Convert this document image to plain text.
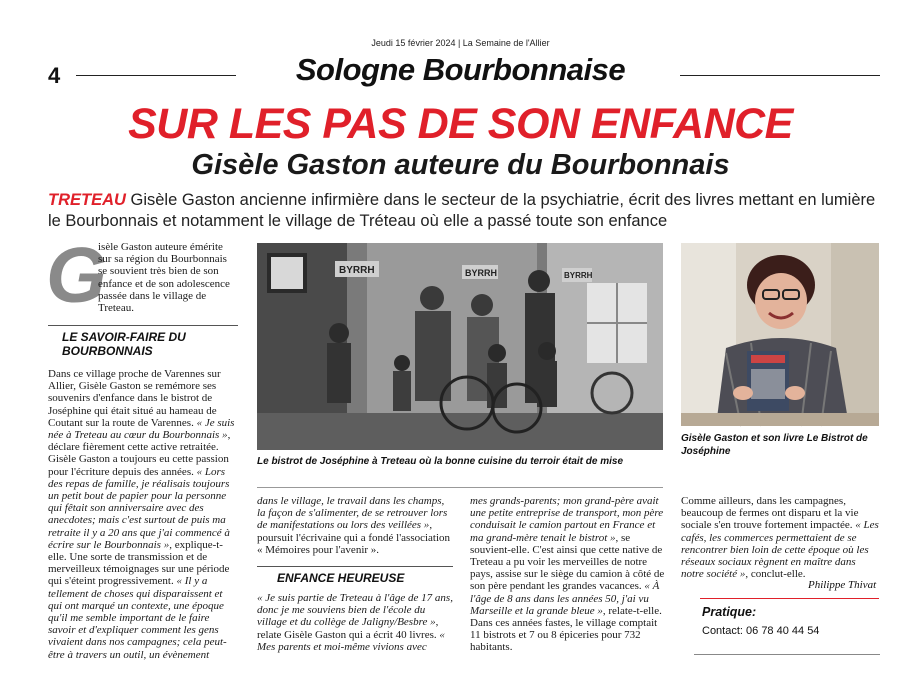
Jeudi 15 février 2024 | La Semaine de l'Allier
4	Sologne Bourbonnaise
SUR LES PAS DE SON ENFANCE
Gisèle Gaston auteure du Bourbonnais
TRETEAU Gisèle Gaston ancienne infirmière dans le secteur de la psychiatrie, écrit des livres mettant en lumière le Bourbonnais et notamment le village de Tréteau où elle a passé toute son enfance
G
isèle Gaston auteure émérite sur sa région du Bourbonnais se souvient très bien de son enfance et de son adolescence passée dans le village de Treteau.
LE SAVOIR-FAIRE DU BOURBONNAIS
Dans ce village proche de Varennes sur Allier, Gisèle Gaston se remémore ses souvenirs d'enfance dans le bistrot de Joséphine qui était situé au hameau de Coutant sur la route de Varennes. « Je suis née à Treteau au cœur du Bourbonnais », déclare fièrement cette active retraitée. Gisèle Gaston a toujours eu cette passion pour l'écriture depuis des années. « Lors des repas de famille, je réalisais toujours un petit bout de papier pour la personne qui fêtait son anniversaire avec des anecdotes; mais c'est surtout de puis ma retraite il y a 20 ans que j'ai commencé à écrire sur le Bourbonnais », explique-t-elle. Une sorte de transmission et de merveilleux témoignages sur une période qui s'éteint progressivement. « Il y a tellement de choses qui disparaissent et qui ont marqué un contexte, une époque qu'il me semble important de le faire savoir et d'expliquer comment les gens vivaient dans nos campagnes; cela peut-être à travers un outil, un évènement
BYRRH	BYRRH	BYRRH
Le bistrot de Joséphine à Treteau où la bonne cuisine du terroir était de mise
Gisèle Gaston et son livre Le Bistrot de Joséphine
dans le village, le travail dans les champs, la façon de s'alimenter, de se retrouver lors de manifestations ou lors des veillées », poursuit l'écrivaine qui a fondé l'association « Mémoires pour l'avenir ».
ENFANCE HEUREUSE
« Je suis partie de Treteau à l'âge de 17 ans, donc je me souviens bien de l'école du village et du collège de Jaligny/Besbre », relate Gisèle Gaston qui a écrit 40 livres. « Mes parents et moi-même vivions avec
mes grands-parents; mon grand-père avait une petite entreprise de transport, mon père conduisait le camion partout en France et ma grand-mère tenait le bistrot », se souvient-elle. C'est ainsi que cette native de Treteau a pu voir les merveilles de notre pays, assise sur le siège du camion à côté de son père pendant les grandes vacances. « À l'âge de 8 ans dans les années 50, j'ai vu Marseille et la grande bleue », relate-t-elle. Dans ces années fastes, le village comptait 11 bistrots et 7 ou 8 épiceries pour 732 habitants.
Comme ailleurs, dans les campagnes, beaucoup de fermes ont disparu et la vie sociale s'en trouve fortement impactée. « Les cafés, les commerces permettaient de se rencontrer bien loin de cette époque où les réseaux sociaux règnent en maître dans notre société », conclut-elle.
Philippe Thivat
Pratique:
Contact: 06 78 40 44 54
